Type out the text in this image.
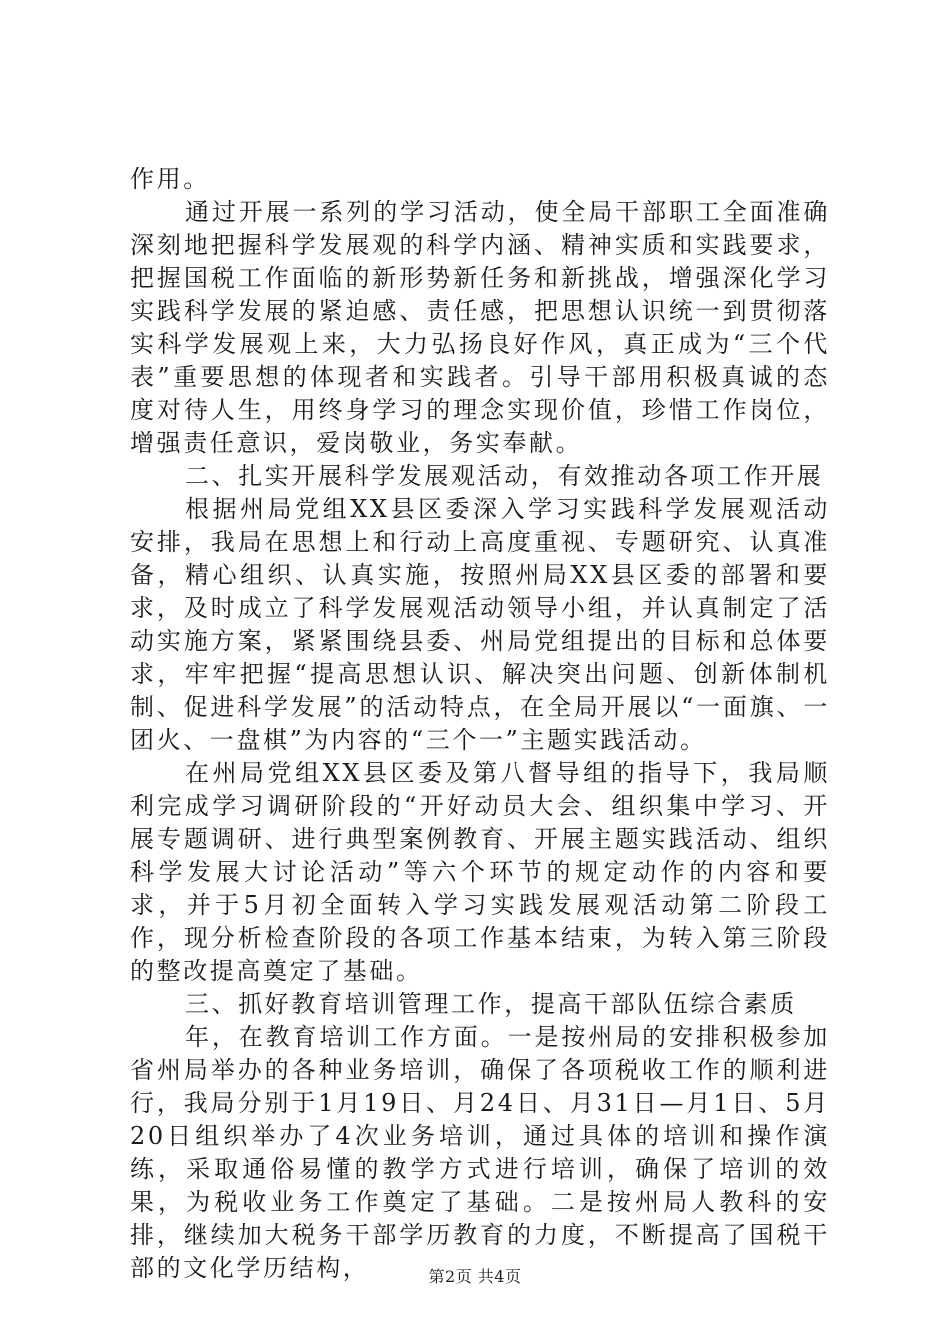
作用。

通过开展一系列的学习活动，使全局干部职工全面准确深刻地把握科学发展观的科学内涵、精神实质和实践要求，把握国税工作面临的新形势新任务和新挑战，增强深化学习实践科学发展的紧迫感、责任感，把思想认识统一到贯彻落实科学发展观上来，大力弘扬良好作风，真正成为“三个代表”重要思想的体现者和实践者。引导干部用积极真诚的态度对待人生，用终身学习的理念实现价值，珍惜工作岗位，增强责任意识，爱岗敬业，务实奉献。

二、扎实开展科学发展观活动，有效推动各项工作开展

根据州局党组XX县区委深入学习实践科学发展观活动安排，我局在思想上和行动上高度重视、专题研究、认真准备，精心组织、认真实施，按照州局XX县区委的部署和要求，及时成立了科学发展观活动领导小组，并认真制定了活动实施方案，紧紧围绕县委、州局党组提出的目标和总体要求，牢牢把握“提高思想认识、解决突出问题、创新体制机制、促进科学发展”的活动特点，在全局开展以“一面旗、一团火、一盘棋”为内容的“三个一”主题实践活动。

在州局党组XX县区委及第八督导组的指导下，我局顺利完成学习调研阶段的“开好动员大会、组织集中学习、开展专题调研、进行典型案例教育、开展主题实践活动、组织科学发展大讨论活动”等六个环节的规定动作的内容和要求，并于5月初全面转入学习实践发展观活动第二阶段工作，现分析检查阶段的各项工作基本结束，为转入第三阶段的整改提高奠定了基础。

三、抓好教育培训管理工作，提高干部队伍综合素质

年，在教育培训工作方面。一是按州局的安排积极参加省州局举办的各种业务培训，确保了各项税收工作的顺利进行，我局分别于1月19日、月24日、月31日—月1日、5月20日组织举办了4次业务培训，通过具体的培训和操作演练，采取通俗易懂的教学方式进行培训，确保了培训的效果，为税收业务工作奠定了基础。二是按州局人教科的安排，继续加大税务干部学历教育的力度，不断提高了国税干部的文化学历结构，	第2页 共4页
